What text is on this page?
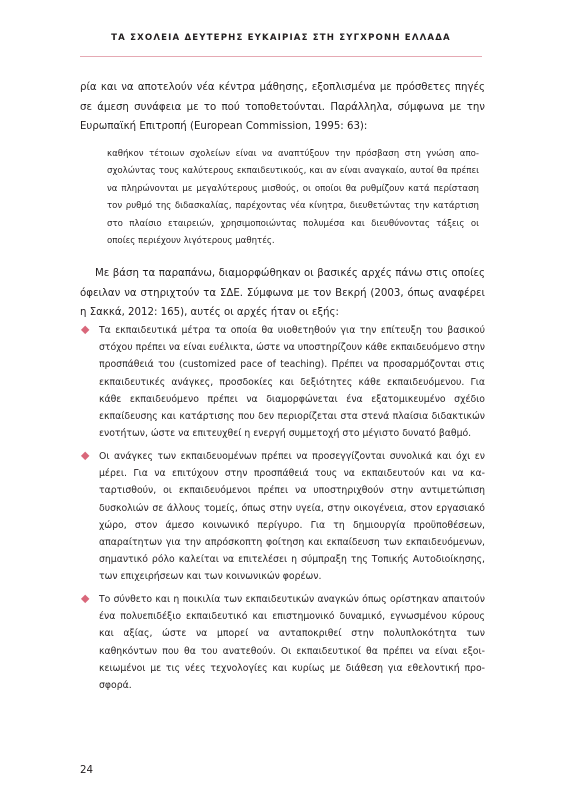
ΤΑ ΣΧΟΛΕΙΑ ΔΕΥΤΕΡΗΣ ΕΥΚΑΙΡΙΑΣ ΣΤΗ ΣΥΓΧΡΟΝΗ ΕΛΛΑΔΑ

ρία και να αποτελούν νέα κέντρα μάθησης, εξοπλισμένα με πρόσθετες πηγές σε άμεση συνάφεια με το πού τοποθετούνται. Παράλληλα, σύμφωνα με την Ευρωπαϊκή Επιτροπή (European Commission, 1995: 63):

καθήκον τέτοιων σχολείων είναι να αναπτύξουν την πρόσβαση στη γνώση αποσχολώντας τους καλύτερους εκπαιδευτικούς, και αν είναι αναγκαίο, αυτοί θα πρέπει να πληρώνονται με μεγαλύτερους μισθούς, οι οποίοι θα ρυθμίζουν κατά περίσταση τον ρυθμό της διδασκαλίας, παρέχοντας νέα κίνητρα, διευθετώντας την κατάρτιση στο πλαίσιο εταιρειών, χρησιμοποιώντας πολυμέσα και διευθύνοντας τάξεις οι οποίες περιέχουν λιγότερους μαθητές.

Με βάση τα παραπάνω, διαμορφώθηκαν οι βασικές αρχές πάνω στις οποίες όφειλαν να στηριχτούν τα ΣΔΕ. Σύμφωνα με τον Βεκρή (2003, όπως αναφέρει η Σακκά, 2012: 165), αυτές οι αρχές ήταν οι εξής:

Τα εκπαιδευτικά μέτρα τα οποία θα υιοθετηθούν για την επίτευξη του βασικού στόχου πρέπει να είναι ευέλικτα, ώστε να υποστηρίζουν κάθε εκπαιδευόμενο στην προσπάθειά του (customized pace of teaching). Πρέπει να προσαρμόζονται στις εκπαιδευτικές ανάγκες, προσδοκίες και δεξιότητες κάθε εκπαιδευόμενου. Για κάθε εκπαιδευόμενο πρέπει να διαμορφώνεται ένα εξατομικευμένο σχέδιο εκπαίδευσης και κατάρτισης που δεν περιορίζεται στα στενά πλαίσια διδακτικών ενοτήτων, ώστε να επιτευχθεί η ενεργή συμμετοχή στο μέγιστο δυνατό βαθμό.
Οι ανάγκες των εκπαιδευομένων πρέπει να προσεγγίζονται συνολικά και όχι εν μέρει. Για να επιτύχουν στην προσπάθειά τους να εκπαιδευτούν και να καταρτισθούν, οι εκπαιδευόμενοι πρέπει να υποστηριχθούν στην αντιμετώπιση δυσκολιών σε άλλους τομείς, όπως στην υγεία, στην οικογένεια, στον εργασιακό χώρο, στον άμεσο κοινωνικό περίγυρο. Για τη δημιουργία προϋποθέσεων, απαραίτητων για την απρόσκοπτη φοίτηση και εκπαίδευση των εκπαιδευόμενων, σημαντικό ρόλο καλείται να επιτελέσει η σύμπραξη της Τοπικής Αυτοδιοίκησης, των επιχειρήσεων και των κοινωνικών φορέων.
Το σύνθετο και η ποικιλία των εκπαιδευτικών αναγκών όπως ορίστηκαν απαιτούν ένα πολυεπιδέξιο εκπαιδευτικό και επιστημονικό δυναμικό, εγνωσμένου κύρους και αξίας, ώστε να μπορεί να ανταποκριθεί στην πολυπλοκότητα των καθηκόντων που θα του ανατεθούν. Οι εκπαιδευτικοί θα πρέπει να είναι εξοικειωμένοι με τις νέες τεχνολογίες και κυρίως με διάθεση για εθελοντική προσφορά.
24
